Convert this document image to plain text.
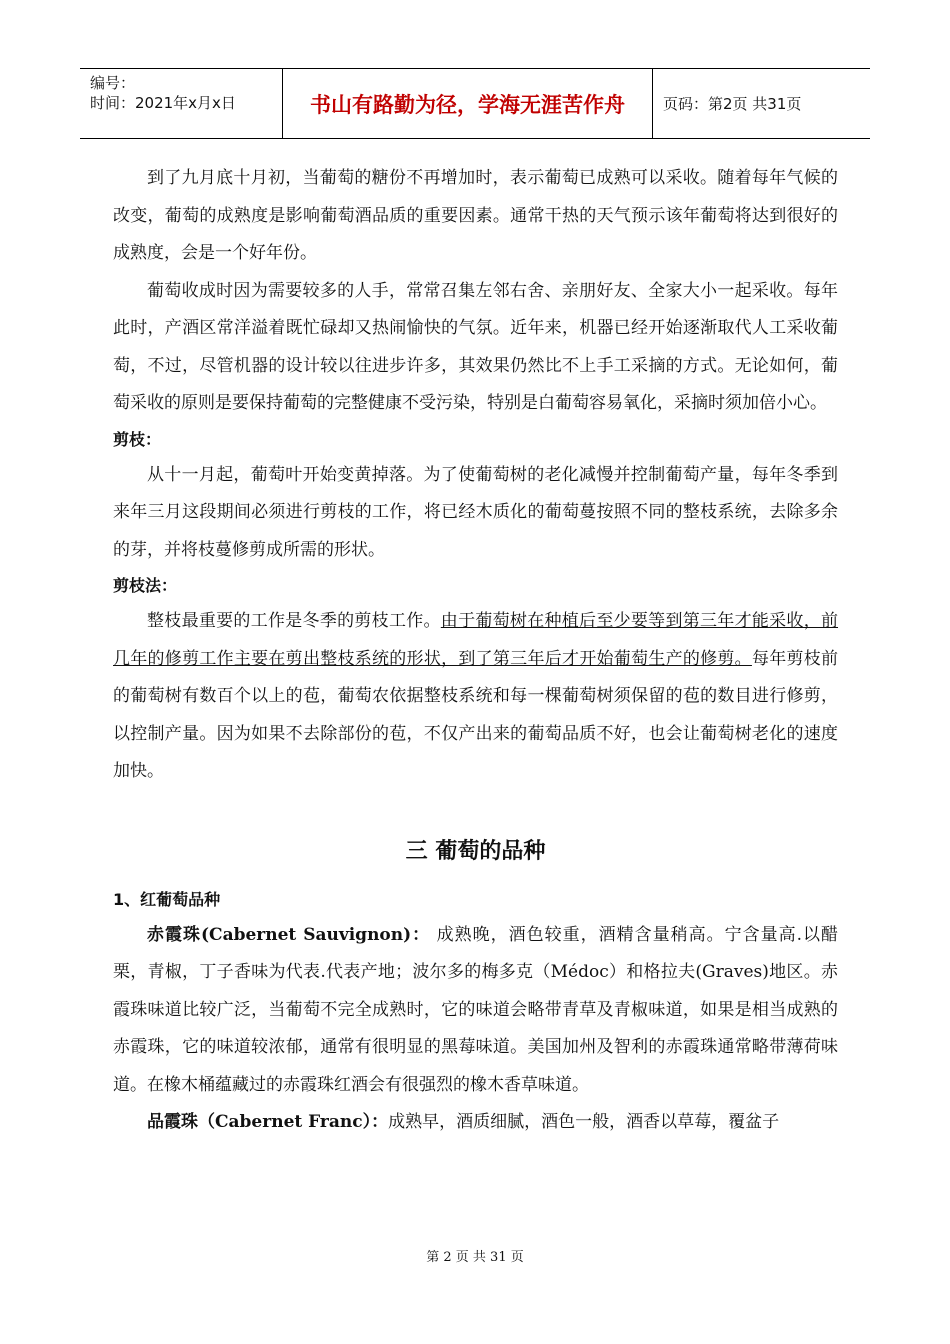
编号：
时间：2021年x月x日	书山有路勤为径，学海无涯苦作舟	页码：第2页 共31页

到了九月底十月初，当葡萄的糖份不再增加时，表示葡萄已成熟可以采收。随着每年气候的改变，葡萄的成熟度是影响葡萄酒品质的重要因素。通常干热的天气预示该年葡萄将达到很好的成熟度，会是一个好年份。

葡萄收成时因为需要较多的人手，常常召集左邻右舍、亲朋好友、全家大小一起采收。每年此时，产酒区常洋溢着既忙碌却又热闹愉快的气氛。近年来，机器已经开始逐渐取代人工采收葡萄，不过，尽管机器的设计较以往进步许多，其效果仍然比不上手工采摘的方式。无论如何，葡萄采收的原则是要保持葡萄的完整健康不受污染，特别是白葡萄容易氧化，采摘时须加倍小心。

剪枝：

从十一月起，葡萄叶开始变黄掉落。为了使葡萄树的老化减慢并控制葡萄产量，每年冬季到来年三月这段期间必须进行剪枝的工作，将已经木质化的葡萄蔓按照不同的整枝系统，去除多余的芽，并将枝蔓修剪成所需的形状。

剪枝法：

整枝最重要的工作是冬季的剪枝工作。由于葡萄树在种植后至少要等到第三年才能采收，前几年的修剪工作主要在剪出整枝系统的形状，到了第三年后才开始葡萄生产的修剪。每年剪枝前的葡萄树有数百个以上的苞，葡萄农依据整枝系统和每一棵葡萄树须保留的苞的数目进行修剪，以控制产量。因为如果不去除部份的苞，不仅产出来的葡萄品质不好，也会让葡萄树老化的速度加快。

三 葡萄的品种

1、红葡萄品种

赤霞珠(Cabernet Sauvignon)： 成熟晚，酒色较重，酒精含量稍高。宁含量高.以醋栗，青椒，丁子香味为代表.代表产地；波尔多的梅多克（Médoc）和格拉夫(Graves)地区。赤霞珠味道比较广泛，当葡萄不完全成熟时，它的味道会略带青草及青椒味道，如果是相当成熟的赤霞珠，它的味道较浓郁，通常有很明显的黑莓味道。美国加州及智利的赤霞珠通常略带薄荷味道。在橡木桶蕴藏过的赤霞珠红酒会有很强烈的橡木香草味道。

品霞珠（Cabernet Franc）：成熟早，酒质细腻，酒色一般，酒香以草莓，覆盆子

第 2 页 共 31 页
